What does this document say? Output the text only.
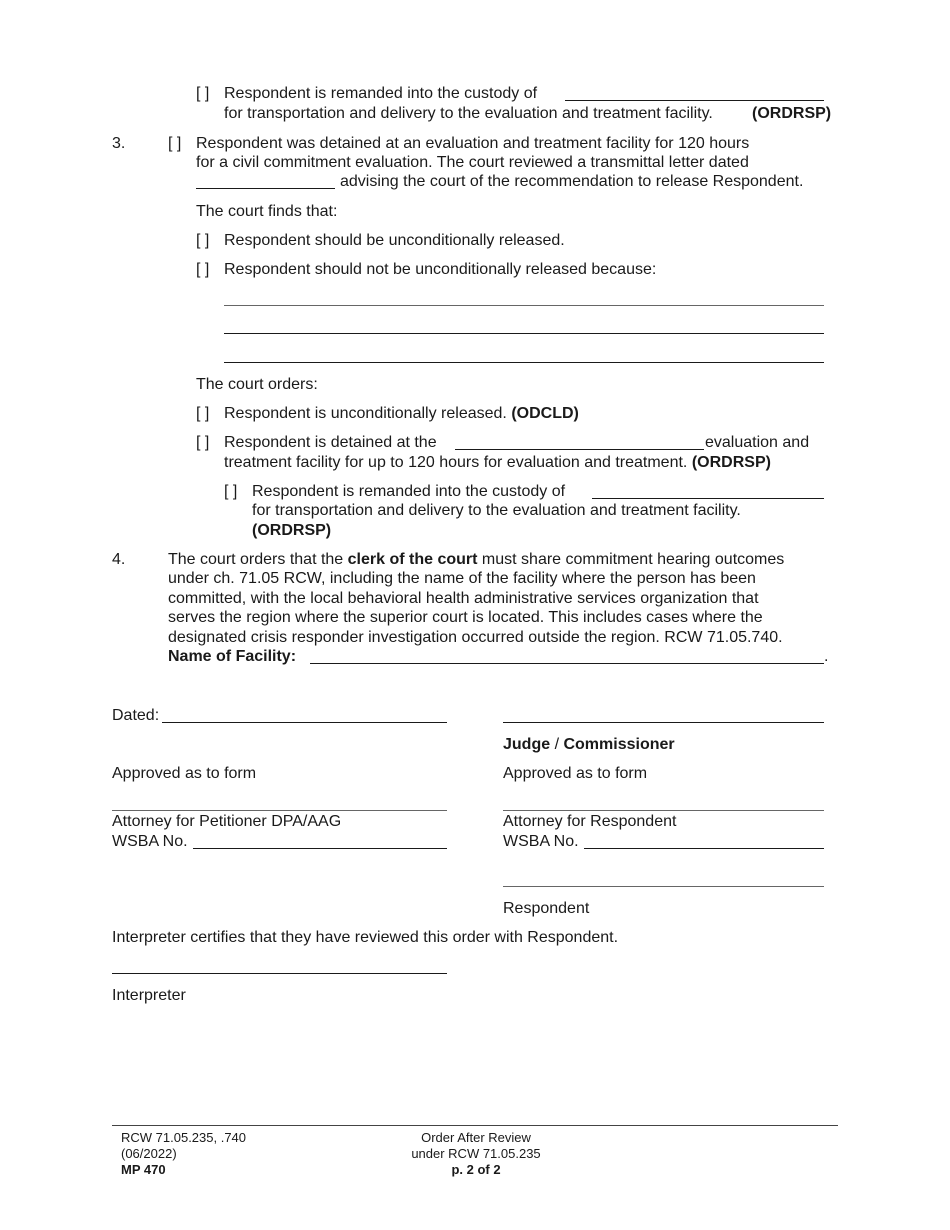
[ ] Respondent is remanded into the custody of
for transportation and delivery to the evaluation and treatment facility. (ORDRSP)
3.	[ ] Respondent was detained at an evaluation and treatment facility for 120 hours
for a civil commitment evaluation. The court reviewed a transmittal letter dated
advising the court of the recommendation to release Respondent.
The court finds that:
[ ] Respondent should be unconditionally released.
[ ] Respondent should not be unconditionally released because:
The court orders:
[ ] Respondent is unconditionally released. (ODCLD)
[ ] Respondent is detained at the	evaluation and
treatment facility for up to 120 hours for evaluation and treatment. (ORDRSP)
[ ] Respondent is remanded into the custody of
for transportation and delivery to the evaluation and treatment facility.
(ORDRSP)
4.	The court orders that the clerk of the court must share commitment hearing outcomes
under ch. 71.05 RCW, including the name of the facility where the person has been
committed, with the local behavioral health administrative services organization that
serves the region where the superior court is located. This includes cases where the
designated crisis responder investigation occurred outside the region. RCW 71.05.740.
Name of Facility:	.
Dated:
Judge / Commissioner
Approved as to form	Approved as to form
Attorney for Petitioner DPA/AAG
WSBA No.
Attorney for Respondent
WSBA No.
Respondent
Interpreter certifies that they have reviewed this order with Respondent.
Interpreter
RCW 71.05.235, .740
(06/2022)
MP 470
Order After Review
under RCW 71.05.235
p. 2 of 2
